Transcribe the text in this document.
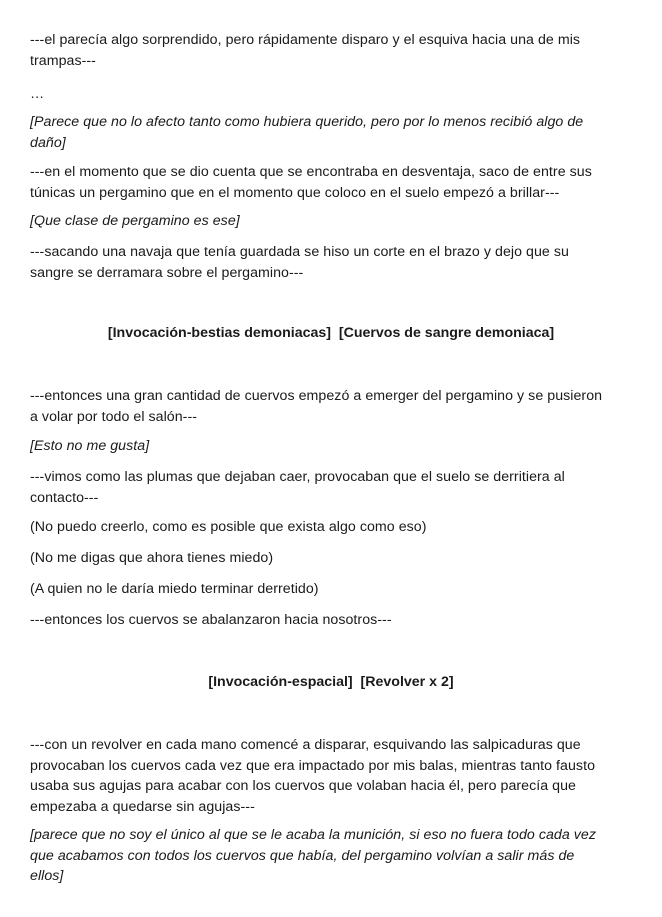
---el parecía algo sorprendido, pero rápidamente disparo y el esquiva hacia una de mis
trampas---
…
[Parece que no lo afecto tanto como hubiera querido, pero por lo menos recibió algo de
daño]
---en el momento que se dio cuenta que se encontraba en desventaja, saco de entre sus
túnicas un pergamino que en el momento que coloco en el suelo empezó a brillar---
[Que clase de pergamino es ese]
---sacando una navaja que tenía guardada se hiso un corte en el brazo y dejo que su
sangre se derramara sobre el pergamino---
[Invocación-bestias demoniacas]  [Cuervos de sangre demoniaca]
---entonces una gran cantidad de cuervos empezó a emerger del pergamino y se pusieron
a volar por todo el salón---
[Esto no me gusta]
---vimos como las plumas que dejaban caer, provocaban que el suelo se derritiera al
contacto---
(No puedo creerlo, como es posible que exista algo como eso)
(No me digas que ahora tienes miedo)
(A quien no le daría miedo terminar derretido)
---entonces los cuervos se abalanzaron hacia nosotros---
[Invocación-espacial]  [Revolver x 2]
---con un revolver en cada mano comencé a disparar, esquivando las salpicaduras que
provocaban los cuervos cada vez que era impactado por mis balas, mientras tanto fausto
usaba sus agujas para acabar con los cuervos que volaban hacia él, pero parecía que
empezaba a quedarse sin agujas---
[parece que no soy el único al que se le acaba la munición, si eso no fuera todo cada vez
que acabamos con todos los cuervos que había, del pergamino volvían a salir más de
ellos]
